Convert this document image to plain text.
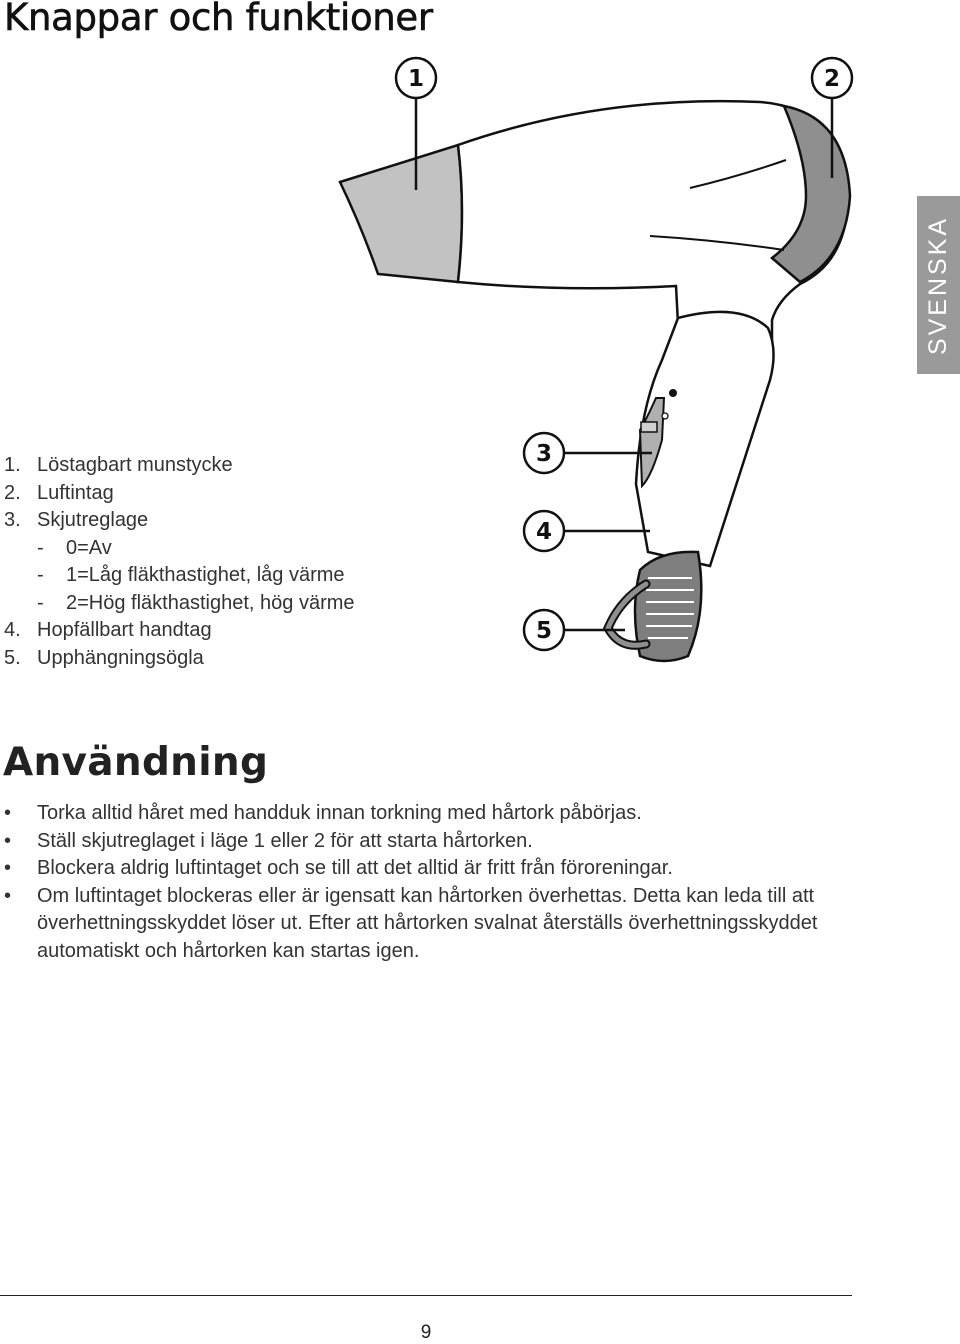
Knappar och funktioner
SVENSKA
1	2
3
4
5
1. Löstagbart munstycke
2. Luftintag
3. Skjutreglage
- 0=Av
- 1=Låg fläkthastighet, låg värme
- 2=Hög fläkthastighet, hög värme
4. Hopfällbart handtag
5. Upphängningsögla
Användning
• Torka alltid håret med handduk innan torkning med hårtork påbörjas.
• Ställ skjutreglaget i läge 1 eller 2 för att starta hårtorken.
• Blockera aldrig luftintaget och se till att det alltid är fritt från föroreningar.
• Om luftintaget blockeras eller är igensatt kan hårtorken överhettas. Detta kan leda till att överhettningsskyddet löser ut. Efter att hårtorken svalnat återställs överhettningsskyddet automatiskt och hårtorken kan startas igen.
9
